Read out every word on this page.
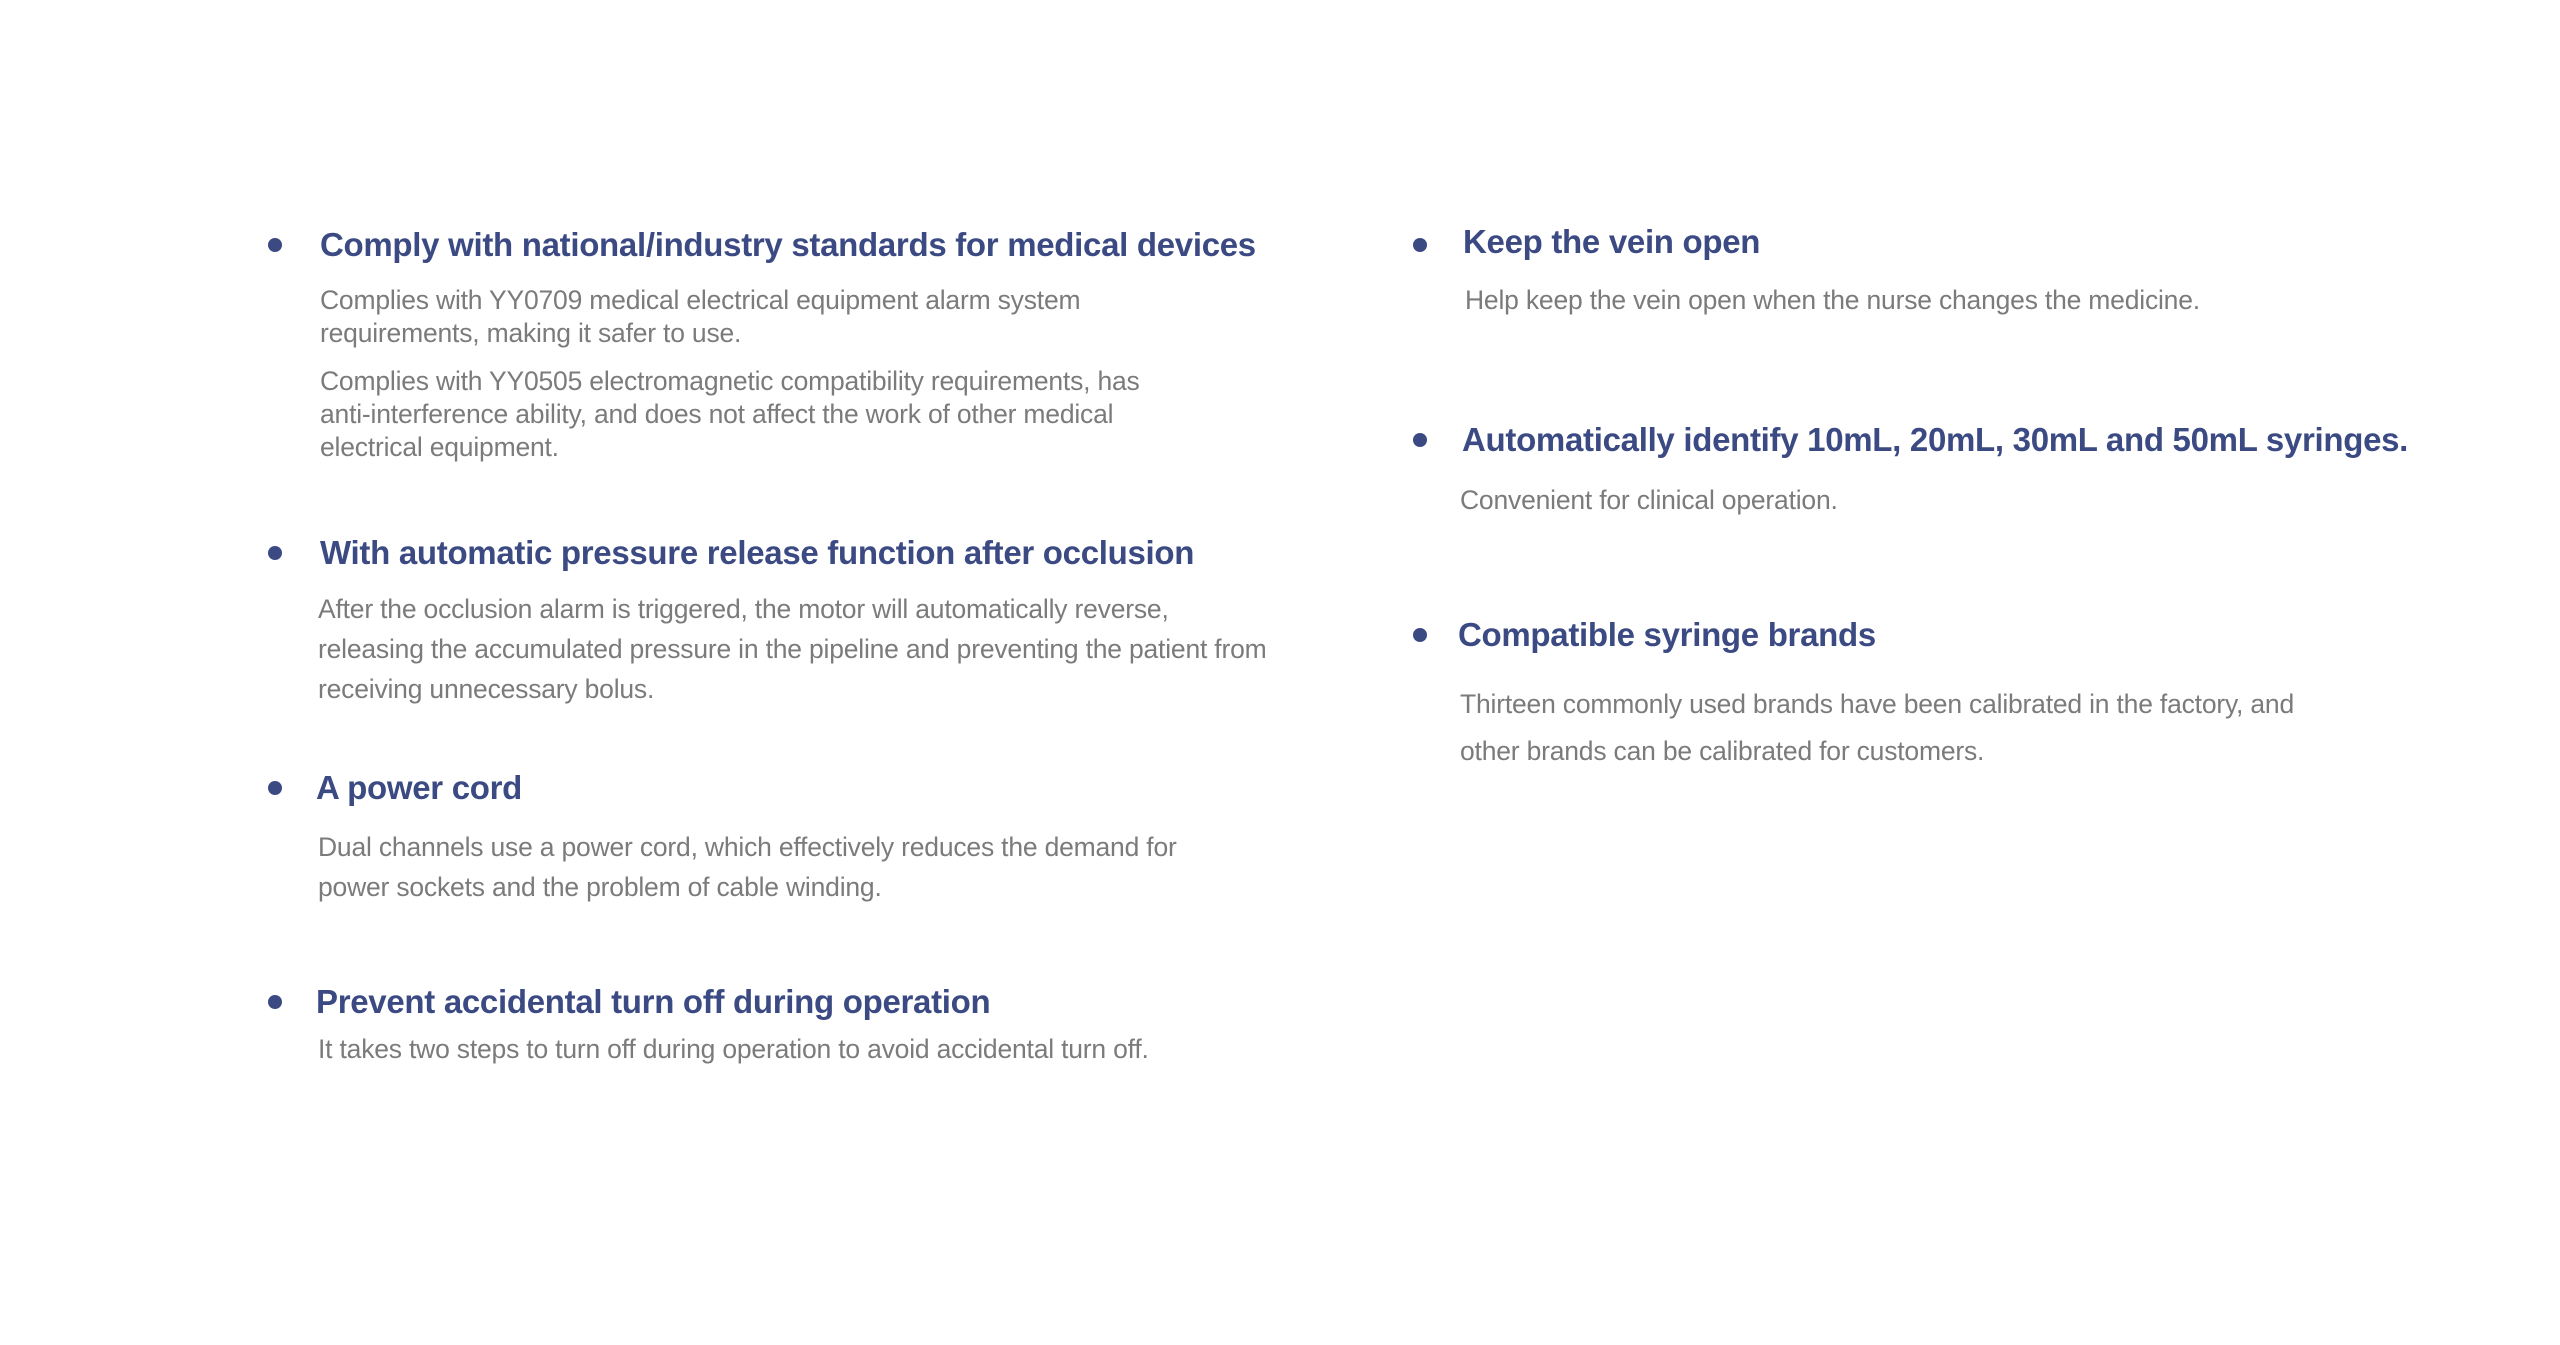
Comply with national/industry standards for medical devices
Complies with YY0709 medical electrical equipment alarm system requirements, making it safer to use.
Complies with YY0505 electromagnetic compatibility requirements, has anti-interference ability, and does not affect the work of other medical electrical equipment.
With automatic pressure release function after occlusion
After the occlusion alarm is triggered, the motor will automatically reverse, releasing the accumulated pressure in the pipeline and preventing the patient from receiving unnecessary bolus.
A power cord
Dual channels use a power cord, which effectively reduces the demand for power sockets and the problem of cable winding.
Prevent accidental turn off during operation
It takes two steps to turn off during operation to avoid accidental turn off.
Keep the vein open
Help keep the vein open when the nurse changes the medicine.
Automatically identify 10mL, 20mL, 30mL and 50mL syringes.
Convenient for clinical operation.
Compatible syringe brands
Thirteen commonly used brands have been calibrated in the factory, and other brands can be calibrated for customers.
